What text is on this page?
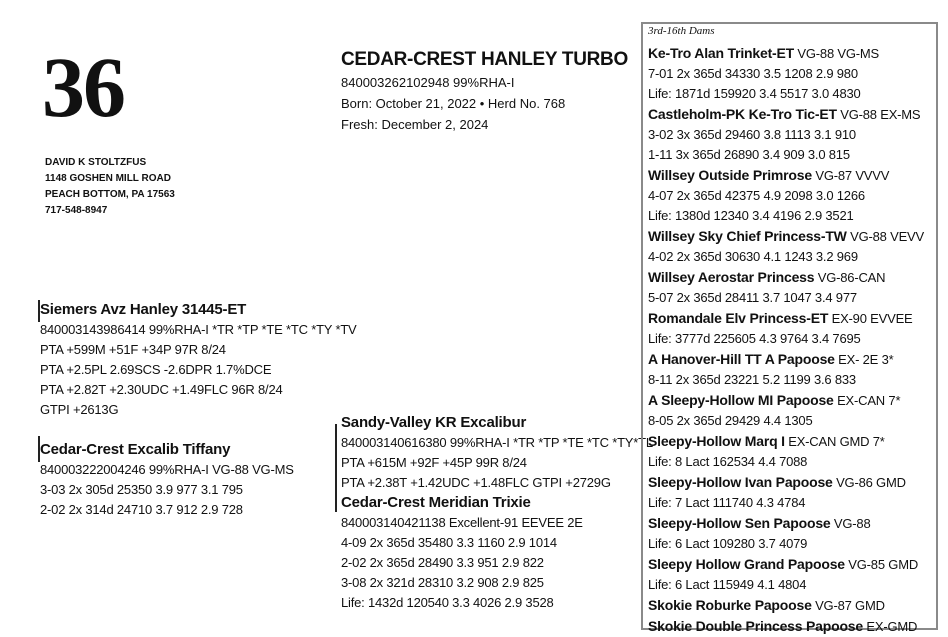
36
DAVID K STOLTZFUS
1148 GOSHEN MILL ROAD
PEACH BOTTOM, PA 17563
717-548-8947
CEDAR-CREST HANLEY TURBO
840003262102948 99%RHA-I
Born: October 21, 2022 • Herd No. 768
Fresh: December 2, 2024
Siemers Avz Hanley 31445-ET
840003143986414 99%RHA-I *TR *TP *TE *TC *TY *TV
PTA +599M +51F +34P 97R 8/24
PTA +2.5PL 2.69SCS -2.6DPR 1.7%DCE
PTA +2.82T +2.30UDC +1.49FLC 96R 8/24
GTPI +2613G
Cedar-Crest Excalib Tiffany
840003222004246 99%RHA-I VG-88 VG-MS
3-03 2x 305d 25350 3.9 977 3.1 795
2-02 2x 314d 24710 3.7 912 2.9 728
Sandy-Valley KR Excalibur
840003140616380 99%RHA-I *TR *TP *TE *TC *TY*TL
PTA +615M +92F +45P 99R 8/24
PTA +2.38T +1.42UDC +1.48FLC GTPI +2729G
Cedar-Crest Meridian Trixie
840003140421138 Excellent-91 EEVEE 2E
4-09 2x 365d 35480 3.3 1160 2.9 1014
2-02 2x 365d 28490 3.3 951 2.9 822
3-08 2x 321d 28310 3.2 908 2.9 825
Life: 1432d 120540 3.3 4026 2.9 3528
3rd-16th Dams
Ke-Tro Alan Trinket-ET VG-88 VG-MS
7-01 2x 365d 34330 3.5 1208 2.9 980
Life: 1871d 159920 3.4 5517 3.0 4830
Castleholm-PK Ke-Tro Tic-ET VG-88 EX-MS
3-02 3x 365d 29460 3.8 1113 3.1 910
1-11 3x 365d 26890 3.4 909 3.0 815
Willsey Outside Primrose VG-87 VVVV
4-07 2x 365d 42375 4.9 2098 3.0 1266
Life: 1380d 12340 3.4 4196 2.9 3521
Willsey Sky Chief Princess-TW VG-88 VEVV
4-02 2x 365d 30630 4.1 1243 3.2 969
Willsey Aerostar Princess VG-86-CAN
5-07 2x 365d 28411 3.7 1047 3.4 977
Romandale Elv Princess-ET EX-90 EVVEE
Life: 3777d 225605 4.3 9764 3.4 7695
A Hanover-Hill TT A Papoose EX- 2E 3*
8-11 2x 365d 23221 5.2 1199 3.6 833
A Sleepy-Hollow MI Papoose EX-CAN 7*
8-05 2x 365d 29429 4.4 1305
Sleepy-Hollow Marq I EX-CAN GMD 7*
Life: 8 Lact 162534 4.4 7088
Sleepy-Hollow Ivan Papoose VG-86 GMD
Life: 7 Lact 111740 4.3 4784
Sleepy-Hollow Sen Papoose VG-88
Life: 6 Lact 109280 3.7 4079
Sleepy Hollow Grand Papoose VG-85 GMD
Life: 6 Lact 115949 4.1 4804
Skokie Roburke Papoose VG-87 GMD
Skokie Double Princess Papoose EX-GMD
